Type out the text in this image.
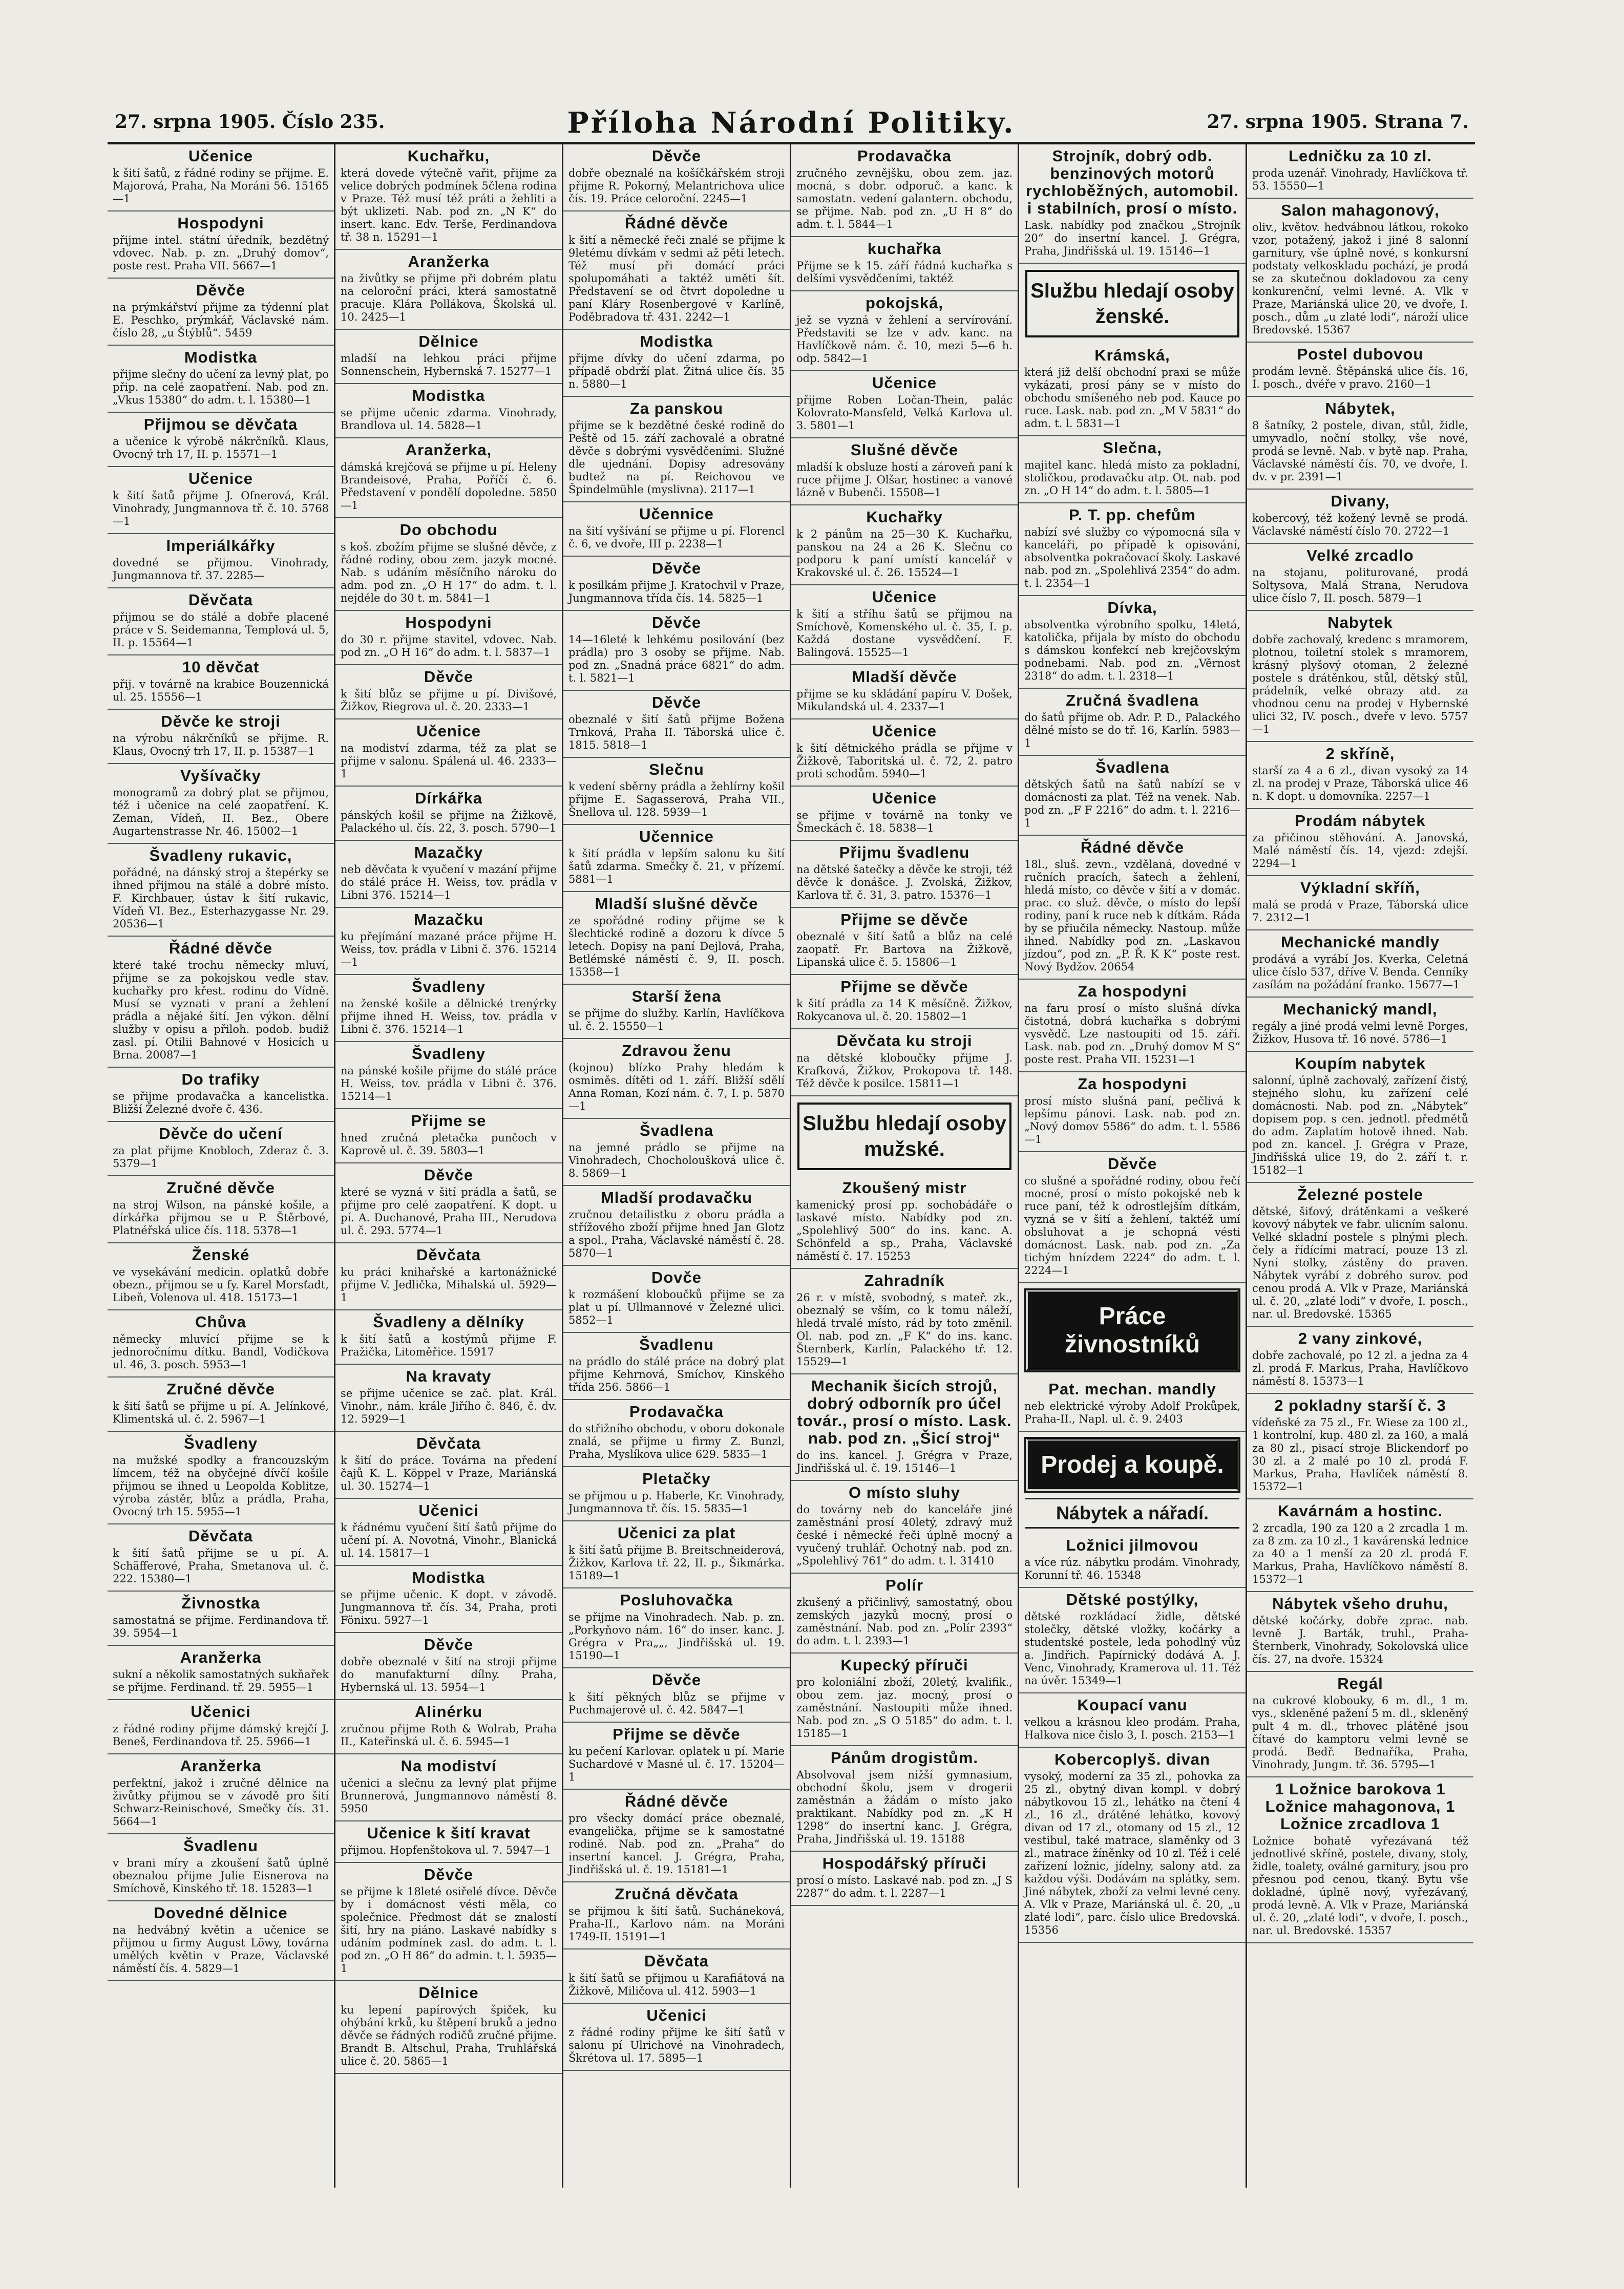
27. srpna 1905. Číslo 235.	Příloha Národní Politiky.	27. srpna 1905. Strana 7.
Učenice

k šití šatů, z řádné rodiny se přijme. E. Majorová, Praha, Na Moráni 56. 15165—1

Hospodyni

přijme intel. státní úředník, bezdětný vdovec. Nab. p. zn. „Druhý domov“, poste rest. Praha VII. 5667—1

Děvče

na prýmkářství přijme za týdenní plat E. Peschko, prýmkář, Václavské nám. číslo 28, „u Štýblů“. 5459

Modistka

přijme slečny do učení za levný plat, po přip. na celé zaopatření. Nab. pod zn. „Vkus 15380“ do adm. t. l. 15380—1

Přijmou se děvčata

a učenice k výrobě nákrčníků. Klaus, Ovocný trh 17, II. p. 15571—1

Učenice

k šití šatů přijme J. Ofnerová, Král. Vinohrady, Jungmannova tř. č. 10. 5768—1

Imperiálkářky

dovedné se přijmou. Vinohrady, Jungmannova tř. 37. 2285—

Děvčata

přijmou se do stálé a dobře placené práce v S. Seidemanna, Templová ul. 5, II. p. 15564—1

10 děvčat

přij. v továrně na krabice Bouzennická ul. 25. 15556—1

Děvče ke stroji

na výrobu nákrčníků se přijme. R. Klaus, Ovocný trh 17, II. p. 15387—1

Vyšívačky

monogramů za dobrý plat se přijmou, též i učenice na celé zaopatření. K. Zeman, Vídeň, II. Bez., Obere Augartenstrasse Nr. 46. 15002—1

Švadleny rukavic,

pořádné, na dánský stroj a štepérky se ihned přijmou na stálé a dobré místo. F. Kirchbauer, ústav k šití rukavic, Vídeň VI. Bez., Esterhazygasse Nr. 29. 20536—1

Řádné děvče

které také trochu německy mluví, přijme se za pokojskou vedle stav. kuchařky pro křest. rodinu do Vídně. Musí se vyznati v praní a žehlení prádla a nějaké šití. Jen výkon. dělní služby v opisu a přiloh. podob. budiž zasl. pí. Otilii Bahnové v Hosicích u Brna. 20087—1

Do trafiky

se přijme prodavačka a kancelistka. Bližší Železné dvoře č. 436.

Děvče do učení

za plat přijme Knobloch, Zderaz č. 3. 5379—1

Zručné děvče

na stroj Wilson, na pánské košile, a dírkářka přijmou se u P. Štěrbové, Platnéřská ulice čís. 118. 5378—1

Ženské

ve vysekávání medicin. oplatků dobře obezn., přijmou se u fy. Karel Morsťadt, Libeň, Volenova ul. 418. 15173—1

Chůva

německy mluvící přijme se k jednoročnímu dítku. Bandl, Vodičkova ul. 46, 3. posch. 5953—1

Zručné děvče

k šití šatů se přijme u pí. A. Jelínkové, Klimentská ul. č. 2. 5967—1

Švadleny

na mužské spodky a francouzským límcem, též na obyčejné dívčí košile přijmou se ihned u Leopolda Koblitze, výroba zástěr, blůz a prádla, Praha, Ovocný trh 15. 5955—1

Děvčata

k šití šatů přijme se u pí. A. Schäfferové, Praha, Smetanova ul. č. 222. 15380—1

Živnostka

samostatná se přijme. Ferdinandova tř. 39. 5954—1

Aranžerka

sukní a několik samostatných sukňařek se přijme. Ferdinand. tř. 29. 5955—1

Učenici

z řádné rodiny přijme dámský krejčí J. Beneš, Ferdinandova tř. 25. 5966—1

Aranžerka

perfektní, jakož i zručné dělnice na živůtky přijmou se v závodě pro šití Schwarz-Reinischové, Smečky čís. 31. 5664—1

Švadlenu

v brani míry a zkoušení šatů úplně obeznalou přijme Julie Eisnerova na Smíchově, Kinského tř. 18. 15283—1

Dovedné dělnice

na hedvábný květin a učenice se přijmou u firmy August Löwy, továrna umělých květin v Praze, Václavské náměstí čís. 4. 5829—1

Kuchařku,

která dovede výtečně vařit, přijme za velice dobrých podmínek 5člena rodina v Praze. Též musí též práti a žehliti a být uklizeti. Nab. pod zn. „N K“ do insert. kanc. Edv. Terše, Ferdinandova tř. 38 n. 15291—1

Aranžerka

na živůtky se přijme při dobrém platu na celoroční práci, která samostatně pracuje. Klára Pollákova, Školská ul. 10. 2425—1

Dělnice

mladší na lehkou práci přijme Sonnenschein, Hybernská 7. 15277—1

Modistka

se přijme učenic zdarma. Vinohrady, Brandlova ul. 14. 5828—1

Aranžerka,

dámská krejčová se přijme u pí. Heleny Brandeisové, Praha, Poříčí č. 6. Představení v pondělí dopoledne. 5850—1

Do obchodu

s koš. zbožím přijme se slušné děvče, z řádné rodiny, obou zem. jazyk mocné. Nab. s udáním měsíčního nároku do adm. pod zn. „O H 17“ do adm. t. l. nejdéle do 30 t. m. 5841—1

Hospodyni

do 30 r. přijme stavitel, vdovec. Nab. pod zn. „O H 16“ do adm. t. l. 5837—1

Děvče

k šití blůz se přijme u pí. Divišové, Žižkov, Riegrova ul. č. 20. 2333—1

Učenice

na modiství zdarma, též za plat se přijme v salonu. Spálená ul. 46. 2333—1

Dírkářka

pánských košil se přijme na Žižkově, Palackého ul. čís. 22, 3. posch. 5790—1

Mazačky

neb děvčata k vyučení v mazání přijme do stálé práce H. Weiss, tov. prádla v Libni 376. 15214—1

Mazačku

ku přejímání mazané práce přijme H. Weiss, tov. prádla v Libni č. 376. 15214—1

Švadleny

na ženské košile a dělnické trenýrky přijme ihned H. Weiss, tov. prádla v Libni č. 376. 15214—1

Švadleny

na pánské košile přijme do stálé práce H. Weiss, tov. prádla v Libni č. 376. 15214—1

Přijme se

hned zručná pletačka punčoch v Kaprově ul. č. 39. 5803—1

Děvče

které se vyzná v šití prádla a šatů, se přijme pro celé zaopatření. K dopt. u pí. A. Duchanové, Praha III., Nerudova ul. č. 293. 5774—1

Děvčata

ku práci knihařské a kartonážnické přijme V. Jedlička, Mihalská ul. 5929—1

Švadleny a dělníky

k šití šatů a kostýmů přijme F. Pražička, Litoměřice. 15917

Na kravaty

se přijme učenice se zač. plat. Král. Vinohr., nám. krále Jiřího č. 846, č. dv. 12. 5929—1

Děvčata

k šití do práce. Továrna na předení čajů K. L. Köppel v Praze, Mariánská ul. 30. 15274—1

Učenici

k řádnému vyučení šití šatů přijme do učení pí. A. Novotná, Vinohr., Blanická ul. 14. 15817—1

Modistka

se přijme učenic. K dopt. v závodě. Jungmannova tř. čís. 34, Praha, proti Fönixu. 5927—1

Děvče

dobře obeznalé v šití na stroji přijme do manufakturní dílny. Praha, Hybernská ul. 13. 5954—1

Alinérku

zručnou přijme Roth & Wolrab, Praha II., Kateřinská ul. č. 6. 5945—1

Na modiství

učenici a slečnu za levný plat přijme Brunnerová, Jungmannovo náměstí 8. 5950

Učenice k šití kravat

přijmou. Hopfenštokova ul. 7. 5947—1

Děvče

se přijme k 18leté osiřelé dívce. Děvče by i domácnost vésti měla, co společnice. Předmost dát se znalostí šití, hry na piáno. Laskavé nabídky s udáním podmínek zasl. do adm. t. l. pod zn. „O H 86“ do admin. t. l. 5935—1

Dělnice

ku lepení papírových špiček, ku ohýbání krků, ku štěpení bruků a jedno děvče se řádných rodičů zručné přijme. Brandt B. Altschul, Praha, Truhlářská ulice č. 20. 5865—1

Děvče

dobře obeznalé na košíčkářském stroji přijme R. Pokorný, Melantrichova ulice čís. 19. Práce celoroční. 2245—1

Řádné děvče

k šití a německé řeči znalé se přijme k 9letému dívkám v sedmi až pěti letech. Též musí při domácí práci spolupomáhati a taktéž uměti šít. Představení se od čtvrt dopoledne u paní Kláry Rosenbergové v Karlíně, Poděbradova tř. 431. 2242—1

Modistka

přijme dívky do učení zdarma, po případě obdrží plat. Žitná ulice čís. 35 n. 5880—1

Za panskou

přijme se k bezdětné české rodině do Peště od 15. září zachovalé a obratné děvče s dobrými vysvědčeními. Služné dle ujednání. Dopisy adresovány budtež na pí. Reichovou ve Špindelmühle (myslivna). 2117—1

Učennice

na šití vyšívání se přijme u pí. Florencl č. 6, ve dvoře, III p. 2238—1

Děvče

k posilkám přijme J. Kratochvil v Praze, Jungmannova třída čís. 14. 5825—1

Děvče

14—16leté k lehkému posilování (bez prádla) pro 3 osoby se přijme. Nab. pod zn. „Snadná práce 6821“ do adm. t. l. 5821—1

Děvče

obeznalé v šití šatů přijme Božena Trnková, Praha II. Táborská ulice č. 1815. 5818—1

Slečnu

k vedení sběrny prádla a žehlírny košil přijme E. Sagasserová, Praha VII., Šnellova ul. 128. 5939—1

Učennice

k šití prádla v lepším salonu ku šití šatů zdarma. Smečky č. 21, v přízemí. 5881—1

Mladší slušné děvče

ze spořádné rodiny přijme se k šlechtické rodině a dozoru k dívce 5 letech. Dopisy na paní Dejlová, Praha, Betlémské náměstí č. 9, II. posch. 15358—1

Starší žena

se přijme do služby. Karlín, Havlíčkova ul. č. 2. 15550—1

Zdravou ženu

(kojnou) blízko Prahy hledám k osmiměs. dítěti od 1. září. Bližší sdělí Anna Roman, Kozí nám. č. 7, I. p. 5870—1

Švadlena

na jemné prádlo se přijme na Vinohradech, Chocholoušková ulice č. 8. 5869—1

Mladší prodavačku

zručnou detailistku z oboru prádla a střížového zboží přijme hned Jan Glotz a spol., Praha, Václavské náměstí č. 28. 5870—1

Dovče

k rozmášení kloboučků přijme se za plat u pí. Ullmannové v Železné ulici. 5852—1

Švadlenu

na prádlo do stálé práce na dobrý plat přijme Kehrnová, Smíchov, Kinského třída 256. 5866—1

Prodavačka

do střižního obchodu, v oboru dokonale znalá, se přijme u firmy Z. Bunzl, Praha, Myslíkova ulice 629. 5835—1

Pletačky

se přijmou u p. Haberle, Kr. Vinohrady, Jungmannova tř. čís. 15. 5835—1

Učenici za plat

k šití šatů přijme B. Breitschneiderová, Žižkov, Karlova tř. 22, II. p., Šikmárka. 15189—1

Posluhovačka

se přijme na Vinohradech. Nab. p. zn. „Porkyňovo nám. 16“ do inser. kanc. J. Grégra v Pra„„, Jindřišská ul. 19. 15190—1

Děvče

k šití pěkných blůz se přijme v Puchmajerově ul. č. 42. 5847—1

Přijme se děvče

ku pečení Karlovar. oplatek u pí. Marie Suchardové v Masné ul. č. 17. 15204—1

Řádné děvče

pro všecky domácí práce obeznalé, evangelička, přijme se k samostatné rodině. Nab. pod zn. „Praha“ do insertní kancel. J. Grégra, Praha, Jindřišská ul. č. 19. 15181—1

Zručná děvčata

se přijmou k šití šatů. Sucháneková, Praha-II., Karlovo nám. na Moráni 1749-II. 15191—1

Děvčata

k šití šatů se přijmou u Karafiátová na Žižkově, Miličova ul. 412. 5903—1

Učenici

z řádné rodiny přijme ke šití šatů v salonu pí Ulrichové na Vinohradech, Škrétova ul. 17. 5895—1

Prodavačka

zručného zevnějšku, obou zem. jaz. mocná, s dobr. odporuč. a kanc. k samostatn. vedení galantern. obchodu, se přijme. Nab. pod zn. „U H 8“ do adm. t. l. 5844—1

kuchařka

Přijme se k 15. září řádná kuchařka s delšími vysvědčeními, taktéž

pokojská,

jež se vyzná v žehlení a servírování. Představiti se lze v adv. kanc. na Havlíčkově nám. č. 10, mezi 5—6 h. odp. 5842—1

Učenice

přijme Roben Ločan-Thein, palác Kolovrato-Mansfeld, Velká Karlova ul. 3. 5801—1

Slušné děvče

mladší k obsluze hostí a zároveň paní k ruce přijme J. Olšar, hostinec a vanové lázně v Bubenči. 15508—1

Kuchařky

k 2 pánům na 25—30 K. Kuchařku, panskou na 24 a 26 K. Slečnu co podporu k paní umístí kancelář v Krakovské ul. č. 26. 15524—1

Učenice

k šití a stříhu šatů se přijmou na Smíchově, Komenského ul. č. 35, I. p. Každá dostane vysvědčení. F. Balingová. 15525—1

Mladší děvče

přijme se ku skládání papíru V. Došek, Mikulandská ul. 4. 2337—1

Učenice

k šití dětnického prádla se přijme v Žižkově, Taboritská ul. č. 72, 2. patro proti schodům. 5940—1

Učenice

se přijme v továrně na tonky ve Šmeckách č. 18. 5838—1

Přijmu švadlenu

na dětské šatečky a děvče ke stroji, též děvče k donášce. J. Zvolská, Žižkov, Karlova tř. č. 31, 3. patro. 15376—1

Přijme se děvče

obeznalé v šití šatů a blůz na celé zaopatř. Fr. Bartova na Žižkově, Lipanská ulice č. 5. 15806—1

Přijme se děvče

k šití prádla za 14 K měsíčně. Žižkov, Rokycanova ul. č. 20. 15802—1

Děvčata ku stroji

na dětské kloboučky přijme J. Krafková, Žižkov, Prokopova tř. 148. Též děvče k posilce. 15811—1

Službu hledají osoby mužské.
Zkoušený mistr

kamenický prosí pp. sochobádáře o laskavé místo. Nabídky pod zn. „Spolehlivý 500“ do ins. kanc. A. Schönfeld a sp., Praha, Václavské náměstí č. 17. 15253

Zahradník

26 r. v místě, svobodný, s mateř. zk., obeznalý se vším, co k tomu náleží, hledá trvalé místo, rád by toto změnil. Ol. nab. pod zn. „F K“ do ins. kanc. Šternberk, Karlín, Palackého tř. 12. 15529—1

Mechanik šicích strojů, dobrý odborník pro účel továr., prosí o místo. Lask. nab. pod zn. „Šicí stroj“

do ins. kancel. J. Grégra v Praze, Jindřišská ul. č. 19. 15146—1

O místo sluhy

do továrny neb do kanceláře jiné zaměstnání prosí 40letý, zdravý muž české i německé řeči úplně mocný a vyučený truhlář. Ochotný nab. pod zn. „Spolehlivý 761“ do adm. t. l. 31410

Polír

zkušený a přičinlivý, samostatný, obou zemských jazyků mocný, prosí o zaměstnání. Nab. pod zn. „Polír 2393“ do adm. t. l. 2393—1

Kupecký příruči

pro koloniální zboží, 20letý, kvalifik., obou zem. jaz. mocný, prosí o zaměstnání. Nastoupiti může ihned. Nab. pod zn. „S O 5185“ do adm. t. l. 15185—1

Pánům drogistům.

Absolvoval jsem nižší gymnasium, obchodní školu, jsem v drogerii zaměstnán a žádám o místo jako praktikant. Nabídky pod zn. „K H 1298“ do insertní kanc. J. Grégra, Praha, Jindřišská ul. 19. 15188

Hospodářský příruči

prosí o místo. Laskavé nab. pod zn. „J S 2287“ do adm. t. l. 2287—1

Strojník, dobrý odb. benzinových motorů rychloběžných, automobil. i stabilních, prosí o místo.

Lask. nabídky pod značkou „Strojník 20“ do insertní kancel. J. Grégra, Praha, Jindřišská ul. 19. 15146—1

Službu hledají osoby ženské.
Krámská,

která již delší obchodní praxi se může vykázati, prosí pány se v místo do obchodu smíšeného neb pod. Kauce po ruce. Lask. nab. pod zn. „M V 5831“ do adm. t. l. 5831—1

Slečna,

majitel kanc. hledá místo za pokladní, stoličkou, prodavačku atp. Ot. nab. pod zn. „O H 14“ do adm. t. l. 5805—1

P. T. pp. chefům

nabízí své služby co výpomocná síla v kanceláři, po případě k opisování, absolventka pokračovací školy. Laskavé nab. pod zn. „Spolehlivá 2354“ do adm. t. l. 2354—1

Dívka,

absolventka výrobního spolku, 14letá, katolička, přijala by místo do obchodu s dámskou konfekcí neb krejčovským podnebami. Nab. pod zn. „Věrnost 2318“ do adm. t. l. 2318—1

Zručná švadlena

do šatů přijme ob. Adr. P. D., Palackého dělné místo se do tř. 16, Karlín. 5983—1

Švadlena

dětských šatů na šatů nabízí se v domácnosti za plat. Též na venek. Nab. pod zn. „F F 2216“ do adm. t. l. 2216—1

Řádné děvče

18l., sluš. zevn., vzdělaná, dovedné v ručních pracích, šatech a žehlení, hledá místo, co děvče v šití a v domác. prac. co služ. děvče, o místo do lepší rodiny, paní k ruce neb k dítkám. Ráda by se přiučila německy. Nastoup. může ihned. Nabídky pod zn. „Laskavou jízdou“, pod zn. „P. Ř. K K“ poste rest. Nový Bydžov. 20654

Za hospodyni

na faru prosí o místo slušná dívka čistotná, dobrá kuchařka s dobrými vysvědč. Lze nastoupiti od 15. září. Lask. nab. pod zn. „Druhý domov M S“ poste rest. Praha VII. 15231—1

Za hospodyni

prosí místo slušná paní, pečlivá k lepšímu pánovi. Lask. nab. pod zn. „Nový domov 5586“ do adm. t. l. 5586—1

Děvče

co slušné a spořádné rodiny, obou řečí mocné, prosí o místo pokojské neb k ruce paní, též k odrostlejším dítkám, vyzná se v šití a žehlení, taktéž umí obsluhovat a je schopná vésti domácnost. Lask. nab. pod zn. „Za tichým hnízdem 2224“ do adm. t. l. 2224—1

Práce živnostníků
Pat. mechan. mandly

neb elektrické výroby Adolf Prokůpek, Praha-II., Napl. ul. č. 9. 2403

Prodej a koupě.
Nábytek a nářadí.
Ložnici jilmovou

a více rúz. nábytku prodám. Vinohrady, Korunní tř. 46. 15348

Dětské postýlky,

dětské rozkládací židle, dětské stolečky, dětské vložky, kočárky a studentské postele, leda pohodlný vůz a. Jindřich. Papírnický dodává A. J. Venc, Vinohrady, Kramerova ul. 11. Též na úvěr. 15349—1

Koupací vanu

velkou a krásnou kleo prodám. Praha, Halkova nice čislo 3, I. posch. 2153—1

Kobercoplyš. divan

vysoký, moderní za 35 zl., pohovka za 25 zl., obytný divan kompl. v dobrý nábytkovou 15 zl., lehátko na čtení 4 zl., 16 zl., drátěné lehátko, kovový divan od 17 zl., otomany od 15 zl., 12 vestibul, také matrace, slaměnky od 3 zl., matrace žíněnky od 10 zl. Též i celé zařízení ložnic, jídelny, salony atd. za každou výši. Dodávám na splátky, sem. Jiné nábytek, zboží za velmi levné ceny. A. Vlk v Praze, Mariánská ul. č. 20, „u zlaté lodi“, parc. číslo ulice Bredovská. 15356

Ledničku za 10 zl.

proda uzenář. Vinohrady, Havlíčkova tř. 53. 15550—1

Salon mahagonový,

oliv., květov. hedvábnou látkou, rokoko vzor, potažený, jakož i jiné 8 salonní garnitury, vše úplně nové, s konkursní podstaty velkoskladu pochází, je prodá se za skutečnou dokladovou za ceny konkurenční, velmi levné. A. Vlk v Praze, Mariánská ulice 20, ve dvoře, I. posch., dům „u zlaté lodi“, nároží ulice Bredovské. 15367

Postel dubovou

prodám levně. Štěpánská ulice čís. 16, I. posch., dvéře v pravo. 2160—1

Nábytek,

8 šatníky, 2 postele, divan, stůl, židle, umyvadlo, noční stolky, vše nové, prodá se levně. Nab. v bytě nap. Praha, Václavské náměstí čís. 70, ve dvoře, I. dv. v pr. 2391—1

Divany,

kobercový, též kožený levně se prodá. Václavské náměstí číslo 70. 2722—1

Velké zrcadlo

na stojanu, politurované, prodá Soltysova, Malá Strana, Nerudova ulice číslo 7, II. posch. 5879—1

Nabytek

dobře zachovalý, kredenc s mramorem, plotnou, toiletní stolek s mramorem, krásný plyšový otoman, 2 železné postele s drátěnkou, stůl, dětský stůl, prádelník, velké obrazy atd. za vhodnou cenu na prodej v Hybernské ulici 32, IV. posch., dveře v levo. 5757—1

2 skříně,

starší za 4 a 6 zl., divan vysoký za 14 zl. na prodej v Praze, Táborská ulice 46 n. K dopt. u domovníka. 2257—1

Prodám nábytek

za přičinou stěhování. A. Janovská, Malé náměstí čís. 14, vjezd: zdejší. 2294—1

Výkladní skříň,

malá se prodá v Praze, Táborská ulice 7. 2312—1

Mechanické mandly

prodává a vyrábí Jos. Kverka, Celetná ulice číslo 537, dříve V. Benda. Cenníky zasílám na požádání franko. 15677—1

Mechanický mandl,

regály a jiné prodá velmi levně Porges, Žižkov, Husova tř. 16 nové. 5786—1

Koupím nabytek

salonní, úplně zachovalý, zařízení čistý, stejného slohu, ku zařízení celé domácnosti. Nab. pod zn. „Nábytek“ dopisem pop. s cen. jednotl. předmětů do adm. Zaplatím hotově ihned. Nab. pod zn. kancel. J. Grégra v Praze, Jindřišská ulice 19, do 2. září t. r. 15182—1

Železné postele

dětské, šiťový, drátěnkami a veškeré kovový nábytek ve fabr. ulicním salonu. Velké skladní postele s plnými plech. čely a řídícími matrací, pouze 13 zl. Nyní stolky, zástěny do praven. Nábytek vyrábí z dobrého surov. pod cenou prodá A. Vlk v Praze, Mariánská ul. č. 20, „zlaté lodi“ v dvoře, I. posch., nar. ul. Bredovské. 15365

2 vany zinkové,

dobře zachovalé, po 12 zl. a jedna za 4 zl. prodá F. Markus, Praha, Havlíčkovo náměstí 8. 15373—1

2 pokladny starší č. 3

vídeňské za 75 zl., Fr. Wiese za 100 zl., 1 kontrolní, kup. 480 zl. za 160, a malá za 80 zl., pisací stroje Blickendorf po 30 zl. a 2 malé po 10 zl. prodá F. Markus, Praha, Havlíček náměstí 8. 15372—1

Kavárnám a hostinc.

2 zrcadla, 190 za 120 a 2 zrcadla 1 m. za 8 zm. za 10 zl., 1 kavárenská lednice za 40 a 1 menší za 20 zl. prodá F. Markus, Praha, Havlíčkovo náměstí 8. 15372—1

Nábytek všeho druhu,

dětské kočárky, dobře zprac. nab. levně J. Barták, truhl., Praha-Šternberk, Vinohrady, Sokolovská ulice čís. 27, na dvoře. 15324

Regál

na cukrové klobouky, 6 m. dl., 1 m. vys., skleněné pažení 5 m. dl., skleněný pult 4 m. dl., trhovec plátěné jsou čítavé do kamptoru velmi levně se prodá. Bedř. Bednaříka, Praha, Vinohrady, Jungm. tř. 36. 5795—1

1 Ložnice barokova 1 Ložnice mahagonova, 1 Ložnice zrcadlova 1

Ložnice bohatě vyřezávaná též jednotlivé skříně, postele, divany, stoly, židle, toalety, oválné garnitury, jsou pro přesnou pod cenou, tkaný. Bytu vše dokladné, úplně nový, vyřezávaný, prodá levně. A. Vlk v Praze, Mariánská ul. č. 20, „zlaté lodi“, v dvoře, I. posch., nar. ul. Bredovské. 15357
